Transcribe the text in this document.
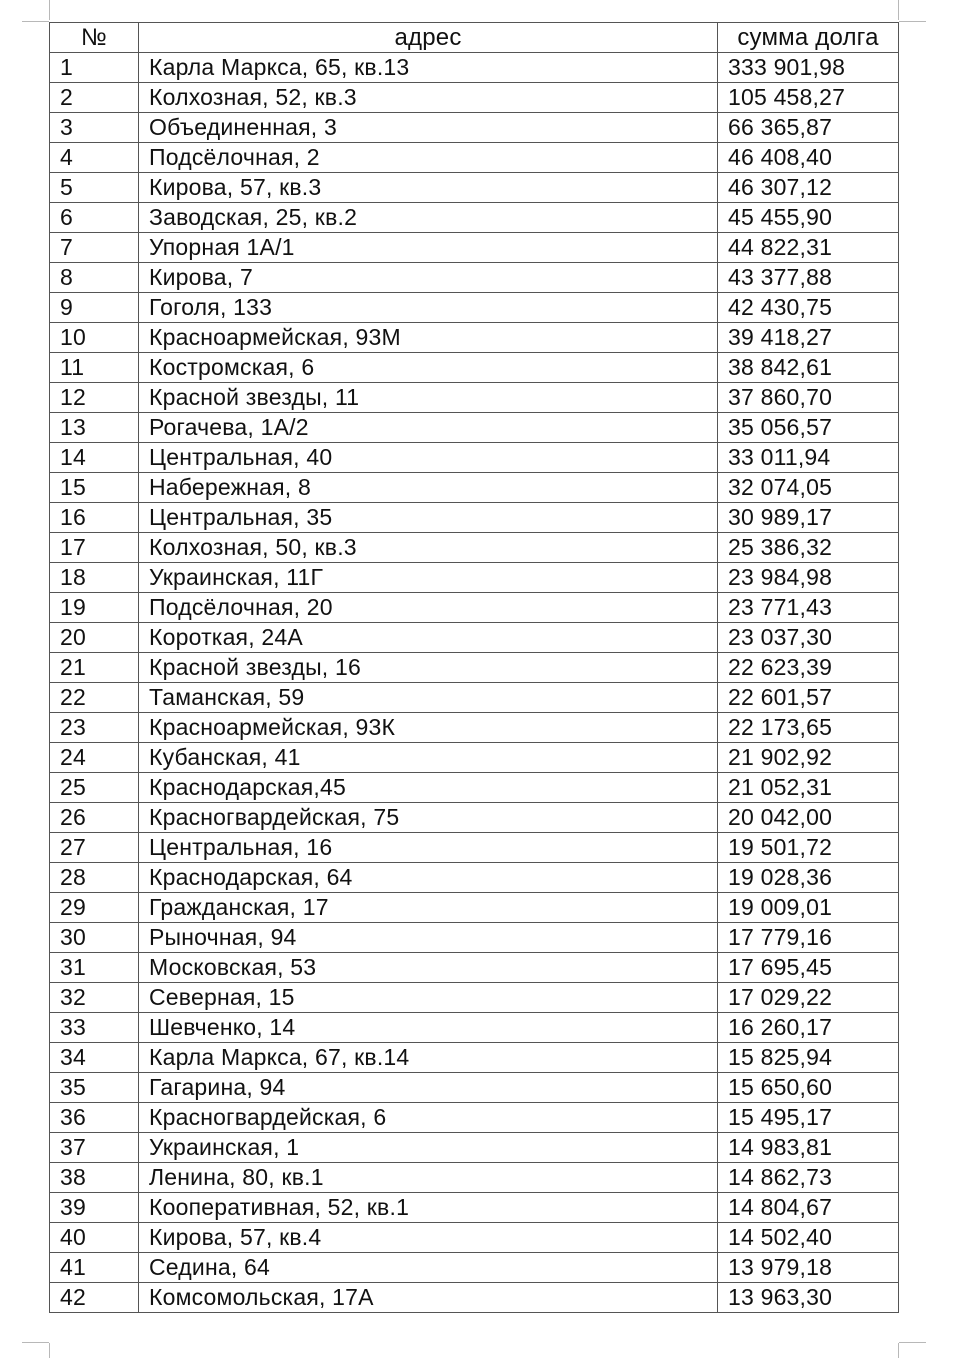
№	адрес	сумма долга
1	Карла Маркса, 65, кв.13	333 901,98
2	Колхозная, 52, кв.3	105 458,27
3	Объединенная, 3	66 365,87
4	Подсёлочная, 2	46 408,40
5	Кирова, 57, кв.3	46 307,12
6	Заводская, 25, кв.2	45 455,90
7	Упорная 1А/1	44 822,31
8	Кирова, 7	43 377,88
9	Гоголя, 133	42 430,75
10	Красноармейская, 93М	39 418,27
11	Костромская, 6	38 842,61
12	Красной звезды, 11	37 860,70
13	Рогачева, 1А/2	35 056,57
14	Центральная, 40	33 011,94
15	Набережная, 8	32 074,05
16	Центральная, 35	30 989,17
17	Колхозная, 50, кв.3	25 386,32
18	Украинская, 11Г	23 984,98
19	Подсёлочная, 20	23 771,43
20	Короткая, 24А	23 037,30
21	Красной звезды, 16	22 623,39
22	Таманская, 59	22 601,57
23	Красноармейская, 93К	22 173,65
24	Кубанская, 41	21 902,92
25	Краснодарская,45	21 052,31
26	Красногвардейская, 75	20 042,00
27	Центральная, 16	19 501,72
28	Краснодарская, 64	19 028,36
29	Гражданская, 17	19 009,01
30	Рыночная, 94	17 779,16
31	Московская, 53	17 695,45
32	Северная, 15	17 029,22
33	Шевченко, 14	16 260,17
34	Карла Маркса, 67, кв.14	15 825,94
35	Гагарина, 94	15 650,60
36	Красногвардейская, 6	15 495,17
37	Украинская, 1	14 983,81
38	Ленина, 80, кв.1	14 862,73
39	Кооперативная, 52, кв.1	14 804,67
40	Кирова, 57, кв.4	14 502,40
41	Седина, 64	13 979,18
42	Комсомольская, 17А	13 963,30
